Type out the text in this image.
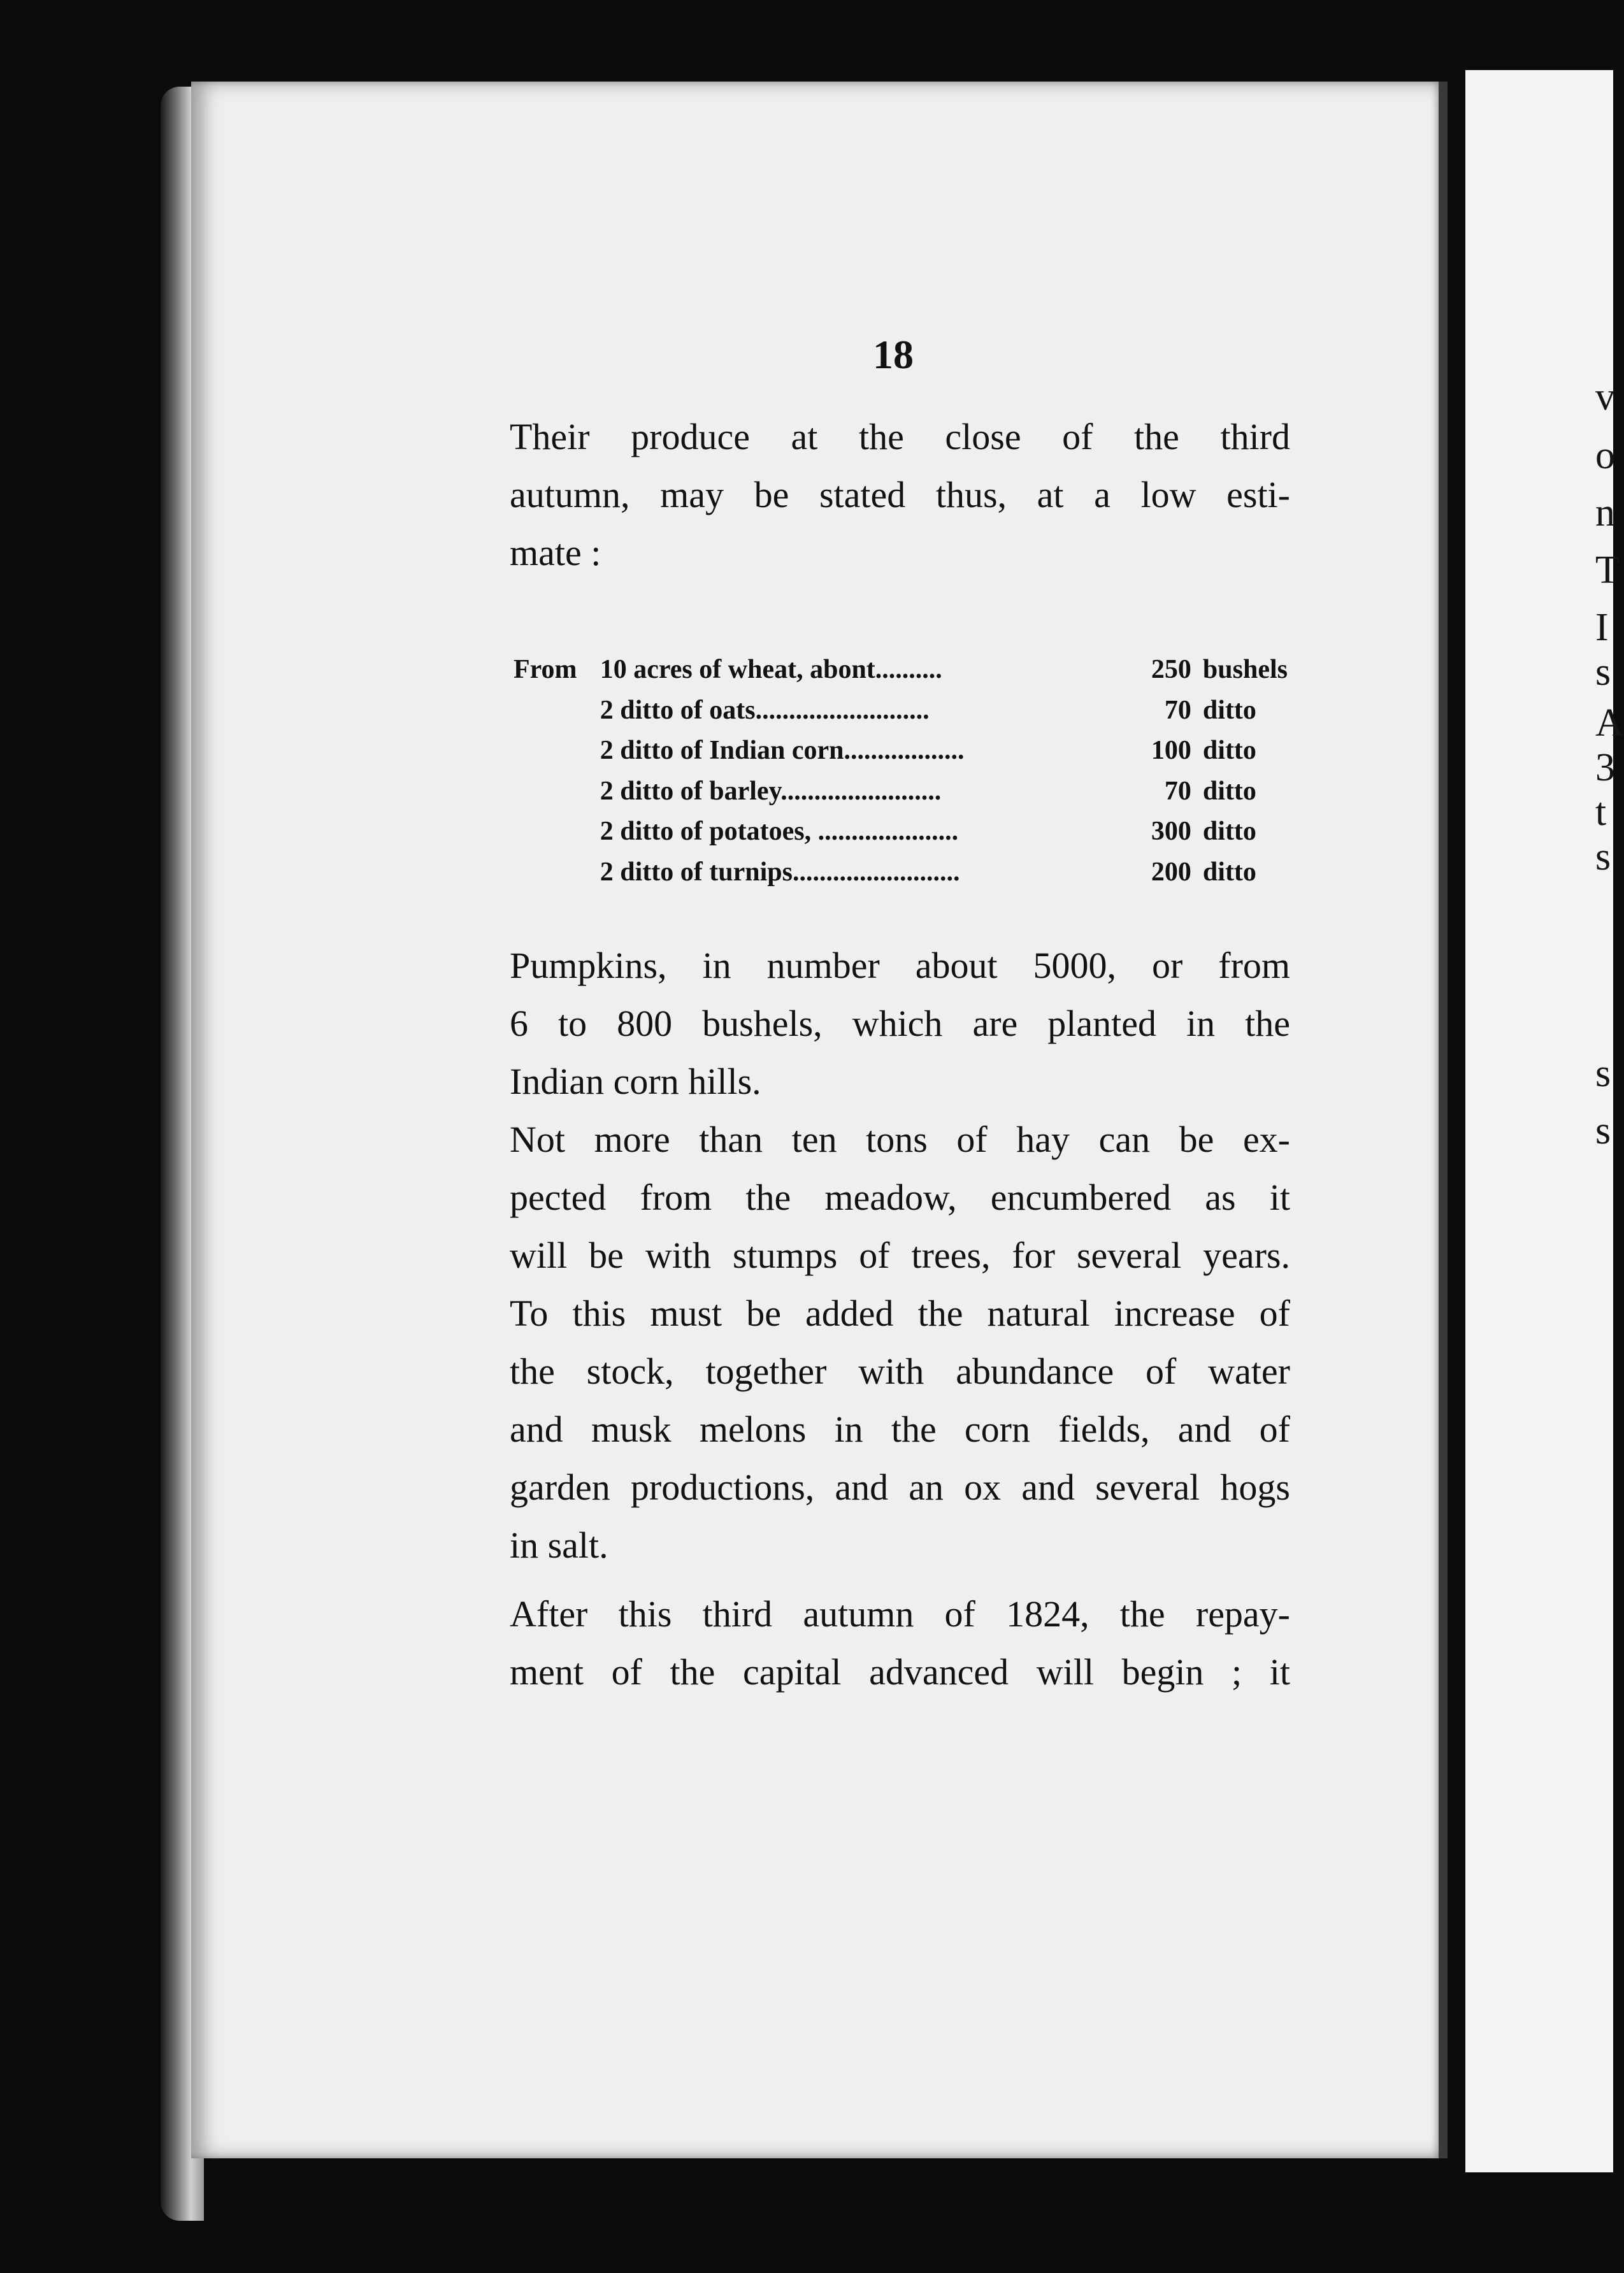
v
o
n
T
I
s
A
3
t
s
s
s
18
Their produce at the close of the third
autumn, may be stated thus, at a low esti-
mate :
From	10 acres of wheat, abont..........	250	bushels
	2 ditto of oats..........................	70	ditto
	2 ditto of Indian corn..................	100	ditto
	2 ditto of barley........................	70	ditto
	2 ditto of potatoes, .....................	300	ditto
	2 ditto of turnips.........................	200	ditto
Pumpkins, in number about 5000, or from
6 to 800 bushels, which are planted in the
Indian corn hills.
Not more than ten tons of hay can be ex-
pected from the meadow, encumbered as it
will be with stumps of trees, for several years.
To this must be added the natural increase of
the stock, together with abundance of water
and musk melons in the corn fields, and of
garden productions, and an ox and several hogs
in salt.
After this third autumn of 1824, the repay-
ment of the capital advanced will begin ; it
